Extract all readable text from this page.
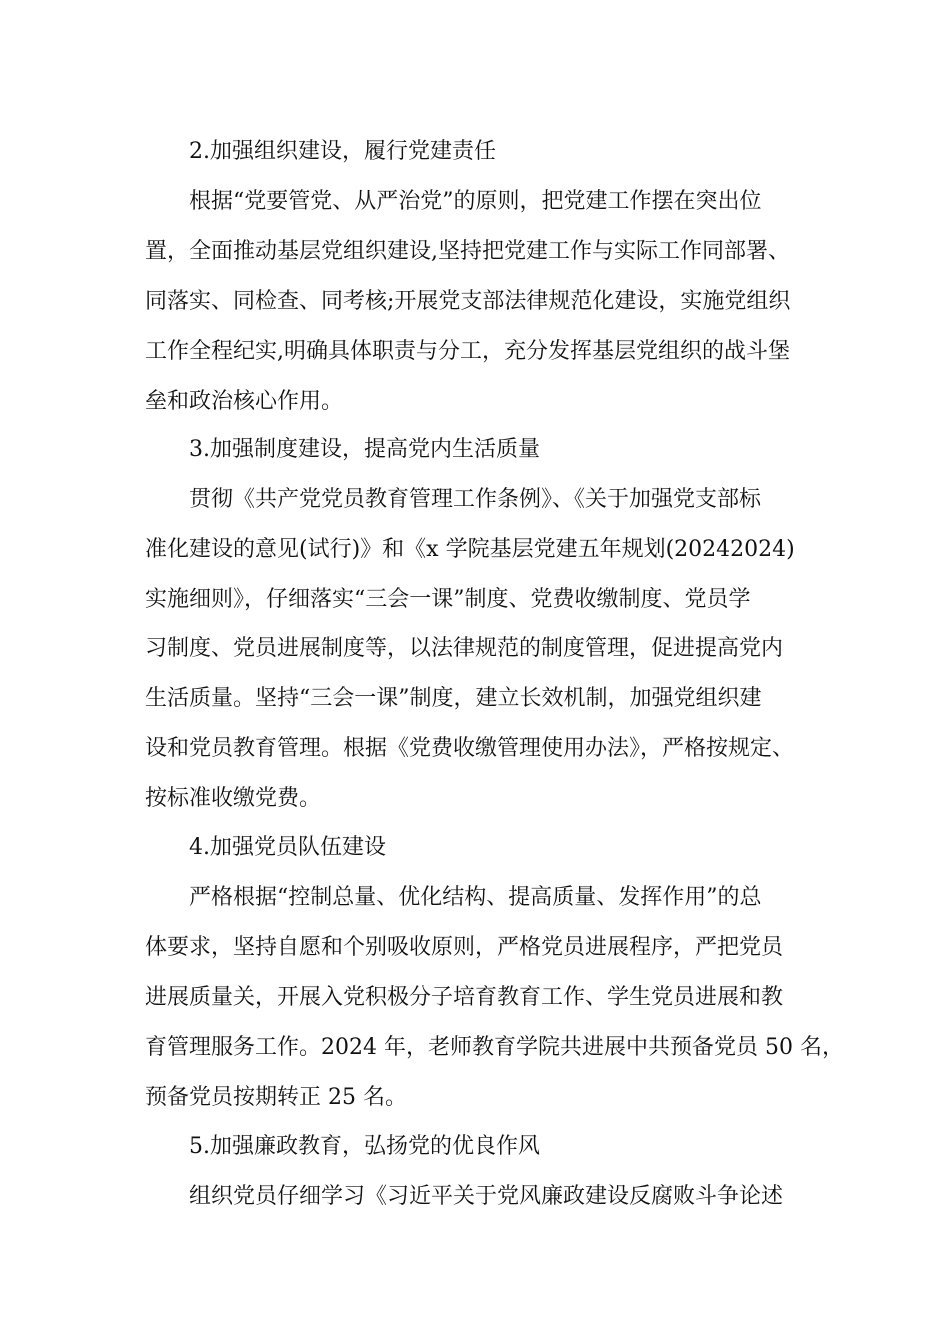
2.加强组织建设，履行党建责任
根据“党要管党、从严治党”的原则，把党建工作摆在突出位
置，全面推动基层党组织建设,坚持把党建工作与实际工作同部署、
同落实、同检查、同考核;开展党支部法律规范化建设，实施党组织
工作全程纪实,明确具体职责与分工，充分发挥基层党组织的战斗堡
垒和政治核心作用。
3.加强制度建设，提高党内生活质量
贯彻《共产党党员教育管理工作条例》、《关于加强党支部标
准化建设的意见(试行)》和《x 学院基层党建五年规划(20242024)
实施细则》，仔细落实“三会一课”制度、党费收缴制度、党员学
习制度、党员进展制度等，以法律规范的制度管理，促进提高党内
生活质量。坚持“三会一课”制度，建立长效机制，加强党组织建
设和党员教育管理。根据《党费收缴管理使用办法》，严格按规定、
按标准收缴党费。
4.加强党员队伍建设
严格根据“控制总量、优化结构、提高质量、发挥作用”的总
体要求，坚持自愿和个别吸收原则，严格党员进展程序，严把党员
进展质量关，开展入党积极分子培育教育工作、学生党员进展和教
育管理服务工作。2024 年，老师教育学院共进展中共预备党员 50 名，
预备党员按期转正 25 名。
5.加强廉政教育，弘扬党的优良作风
组织党员仔细学习《习近平关于党风廉政建设反腐败斗争论述
